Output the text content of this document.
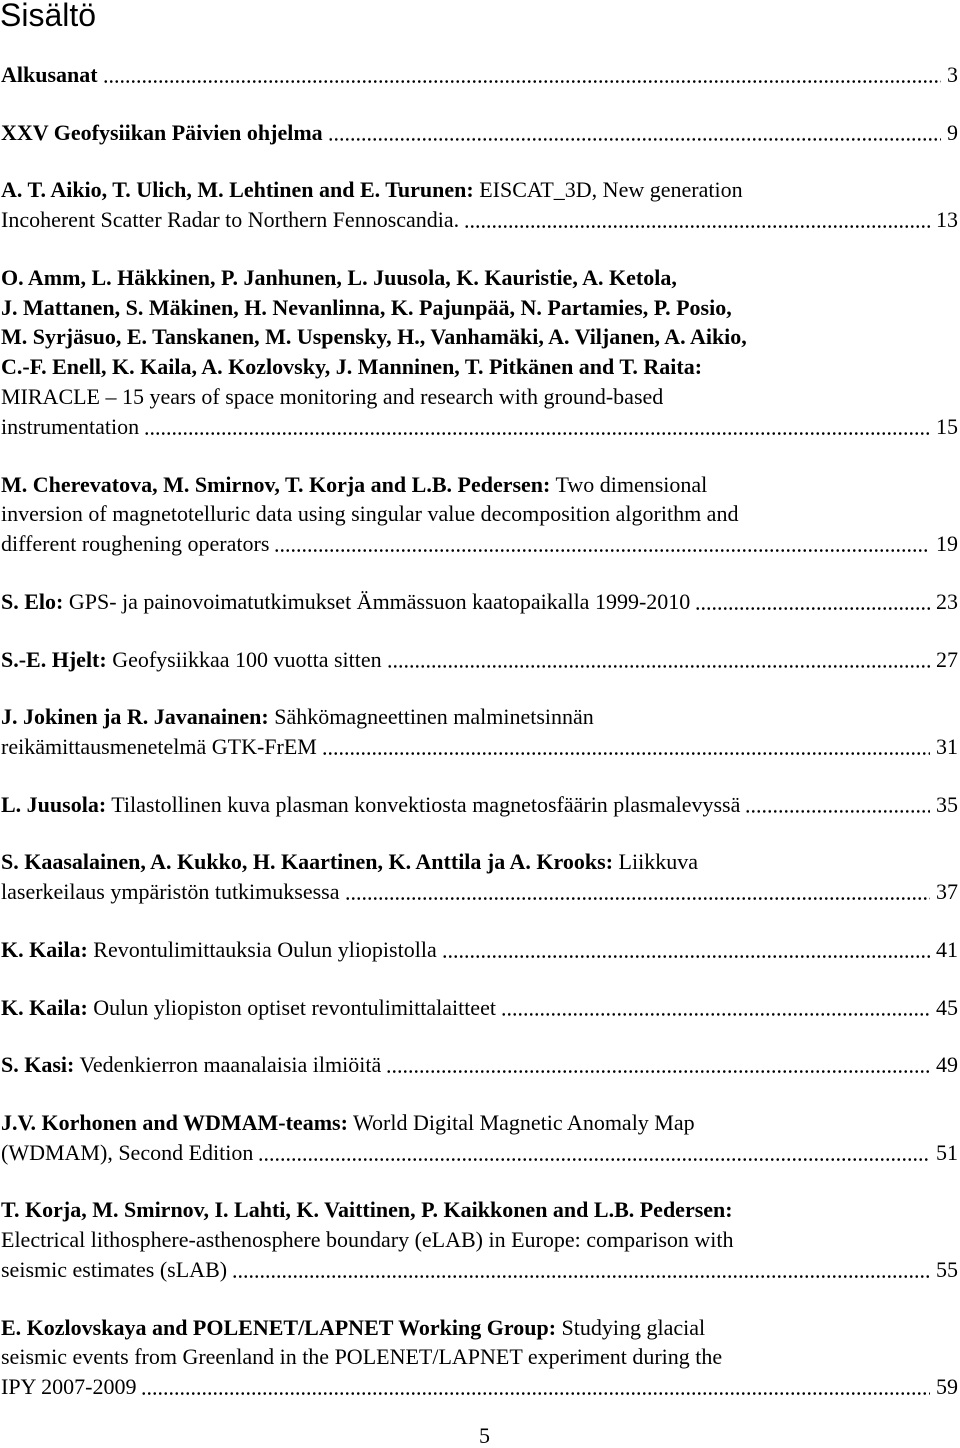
Sisältö
Alkusanat	3
XXV Geofysiikan Päivien ohjelma	9
A. T. Aikio, T. Ulich, M. Lehtinen and E. Turunen: EISCAT_3D, New generation
Incoherent Scatter Radar to Northern Fennoscandia.	13
O. Amm, L. Häkkinen, P. Janhunen, L. Juusola, K. Kauristie, A. Ketola,
J. Mattanen, S. Mäkinen, H. Nevanlinna, K. Pajunpää, N. Partamies, P. Posio,
M. Syrjäsuo, E. Tanskanen, M. Uspensky, H., Vanhamäki, A. Viljanen, A. Aikio,
C.-F. Enell, K. Kaila, A. Kozlovsky, J. Manninen, T. Pitkänen and T. Raita:
MIRACLE – 15 years of space monitoring and research with ground-based
instrumentation	15
M. Cherevatova, M. Smirnov, T. Korja and L.B. Pedersen: Two dimensional
inversion of magnetotelluric data using singular value decomposition algorithm and
different roughening operators	19
S. Elo: GPS- ja painovoimatutkimukset Ämmässuon kaatopaikalla 1999-2010	23
S.-E. Hjelt: Geofysiikkaa 100 vuotta sitten	27
J. Jokinen ja R. Javanainen: Sähkömagneettinen malminetsinnän
reikämittausmenetelmä GTK-FrEM	31
L. Juusola: Tilastollinen kuva plasman konvektiosta magnetosfäärin plasmalevyssä	35
S. Kaasalainen, A. Kukko, H. Kaartinen, K. Anttila ja A. Krooks: Liikkuva
laserkeilaus ympäristön tutkimuksessa	37
K. Kaila: Revontulimittauksia Oulun yliopistolla	41
K. Kaila: Oulun yliopiston optiset revontulimittalaitteet	45
S. Kasi: Vedenkierron maanalaisia ilmiöitä	49
J.V. Korhonen and WDMAM-teams: World Digital Magnetic Anomaly Map
(WDMAM), Second Edition	51
T. Korja, M. Smirnov, I. Lahti, K. Vaittinen, P. Kaikkonen and L.B. Pedersen:
Electrical lithosphere-asthenosphere boundary (eLAB) in Europe: comparison with
seismic estimates (sLAB)	55
E. Kozlovskaya and POLENET/LAPNET Working Group: Studying glacial
seismic events from Greenland in the POLENET/LAPNET experiment during the
IPY 2007-2009	59
5
